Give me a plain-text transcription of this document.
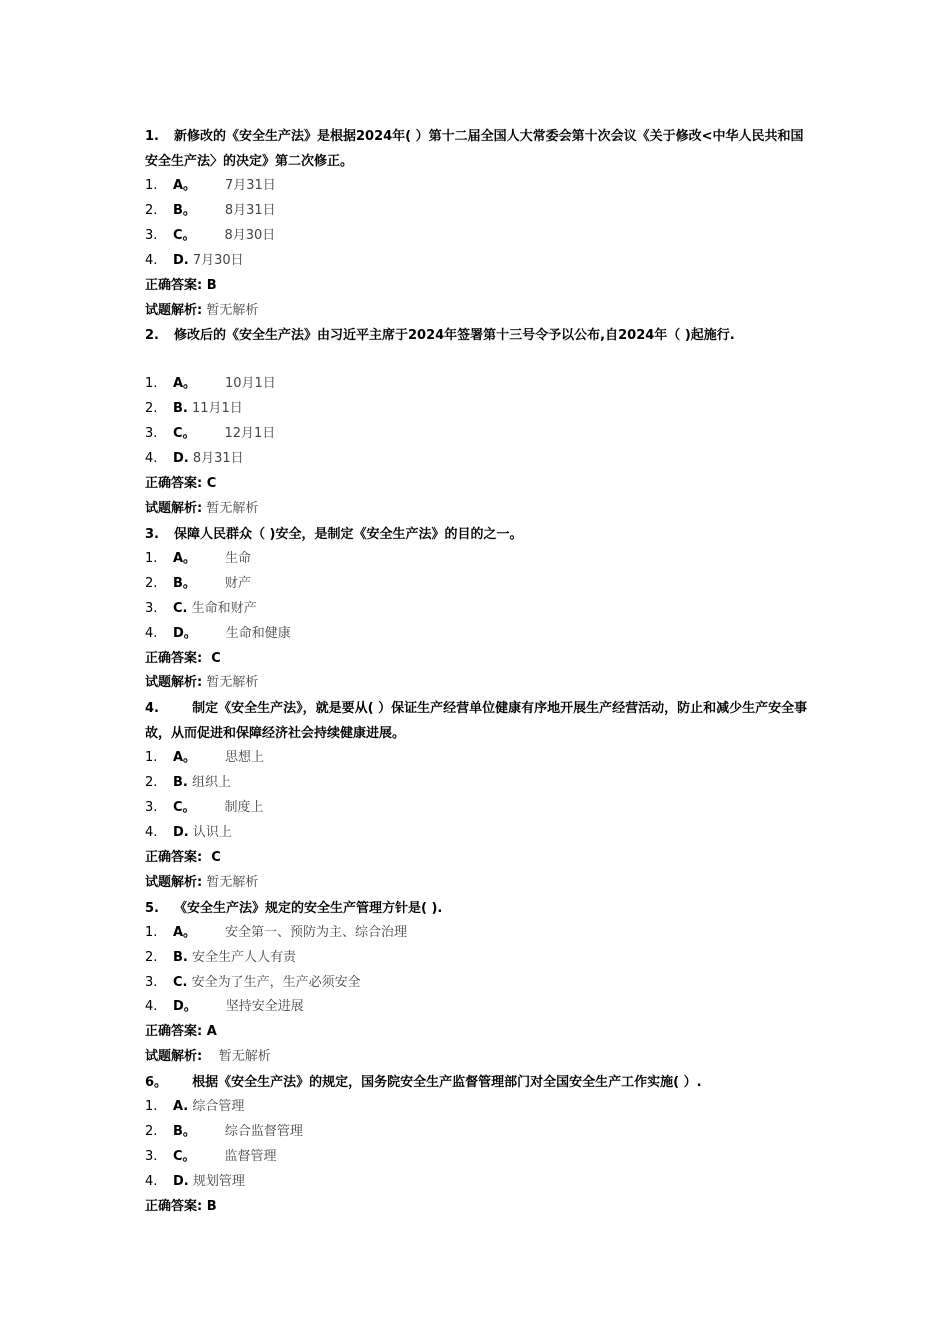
1. 新修改的《安全生产法》是根据2024年( ）第十二届全国人大常委会第十次会议《关于修改<中华人民共和国安全生产法〉的决定》第二次修正。
1. A。       7月31日
2. B。       8月31日
3. C。       8月30日
4. D. 7月30日
正确答案: B
试题解析: 暂无解析
2. 修改后的《安全生产法》由习近平主席于2024年签署第十三号令予以公布,自2024年（ )起施行.
1. A。       10月1日
2. B. 11月1日
3. C。       12月1日
4. D. 8月31日
正确答案: C
试题解析: 暂无解析
3. 保障人民群众（ )安全，是制定《安全生产法》的目的之一。
1. A。       生命
2. B。       财产
3. C. 生命和财产
4. D。       生命和健康
正确答案:  C
试题解析: 暂无解析
4.    制定《安全生产法》，就是要从( ）保证生产经营单位健康有序地开展生产经营活动，防止和减少生产安全事故，从而促进和保障经济社会持续健康进展。
1. A。       思想上
2. B. 组织上
3. C。       制度上
4. D. 认识上
正确答案:  C
试题解析: 暂无解析
5. 《安全生产法》规定的安全生产管理方针是( ).
1. A。       安全第一、预防为主、综合治理
2. B. 安全生产人人有责
3. C. 安全为了生产，生产必须安全
4. D。       坚持安全进展
正确答案: A
试题解析:    暂无解析
6。    根据《安全生产法》的规定，国务院安全生产监督管理部门对全国安全生产工作实施( ）.
1. A. 综合管理
2. B。       综合监督管理
3. C。       监督管理
4. D. 规划管理
正确答案: B
